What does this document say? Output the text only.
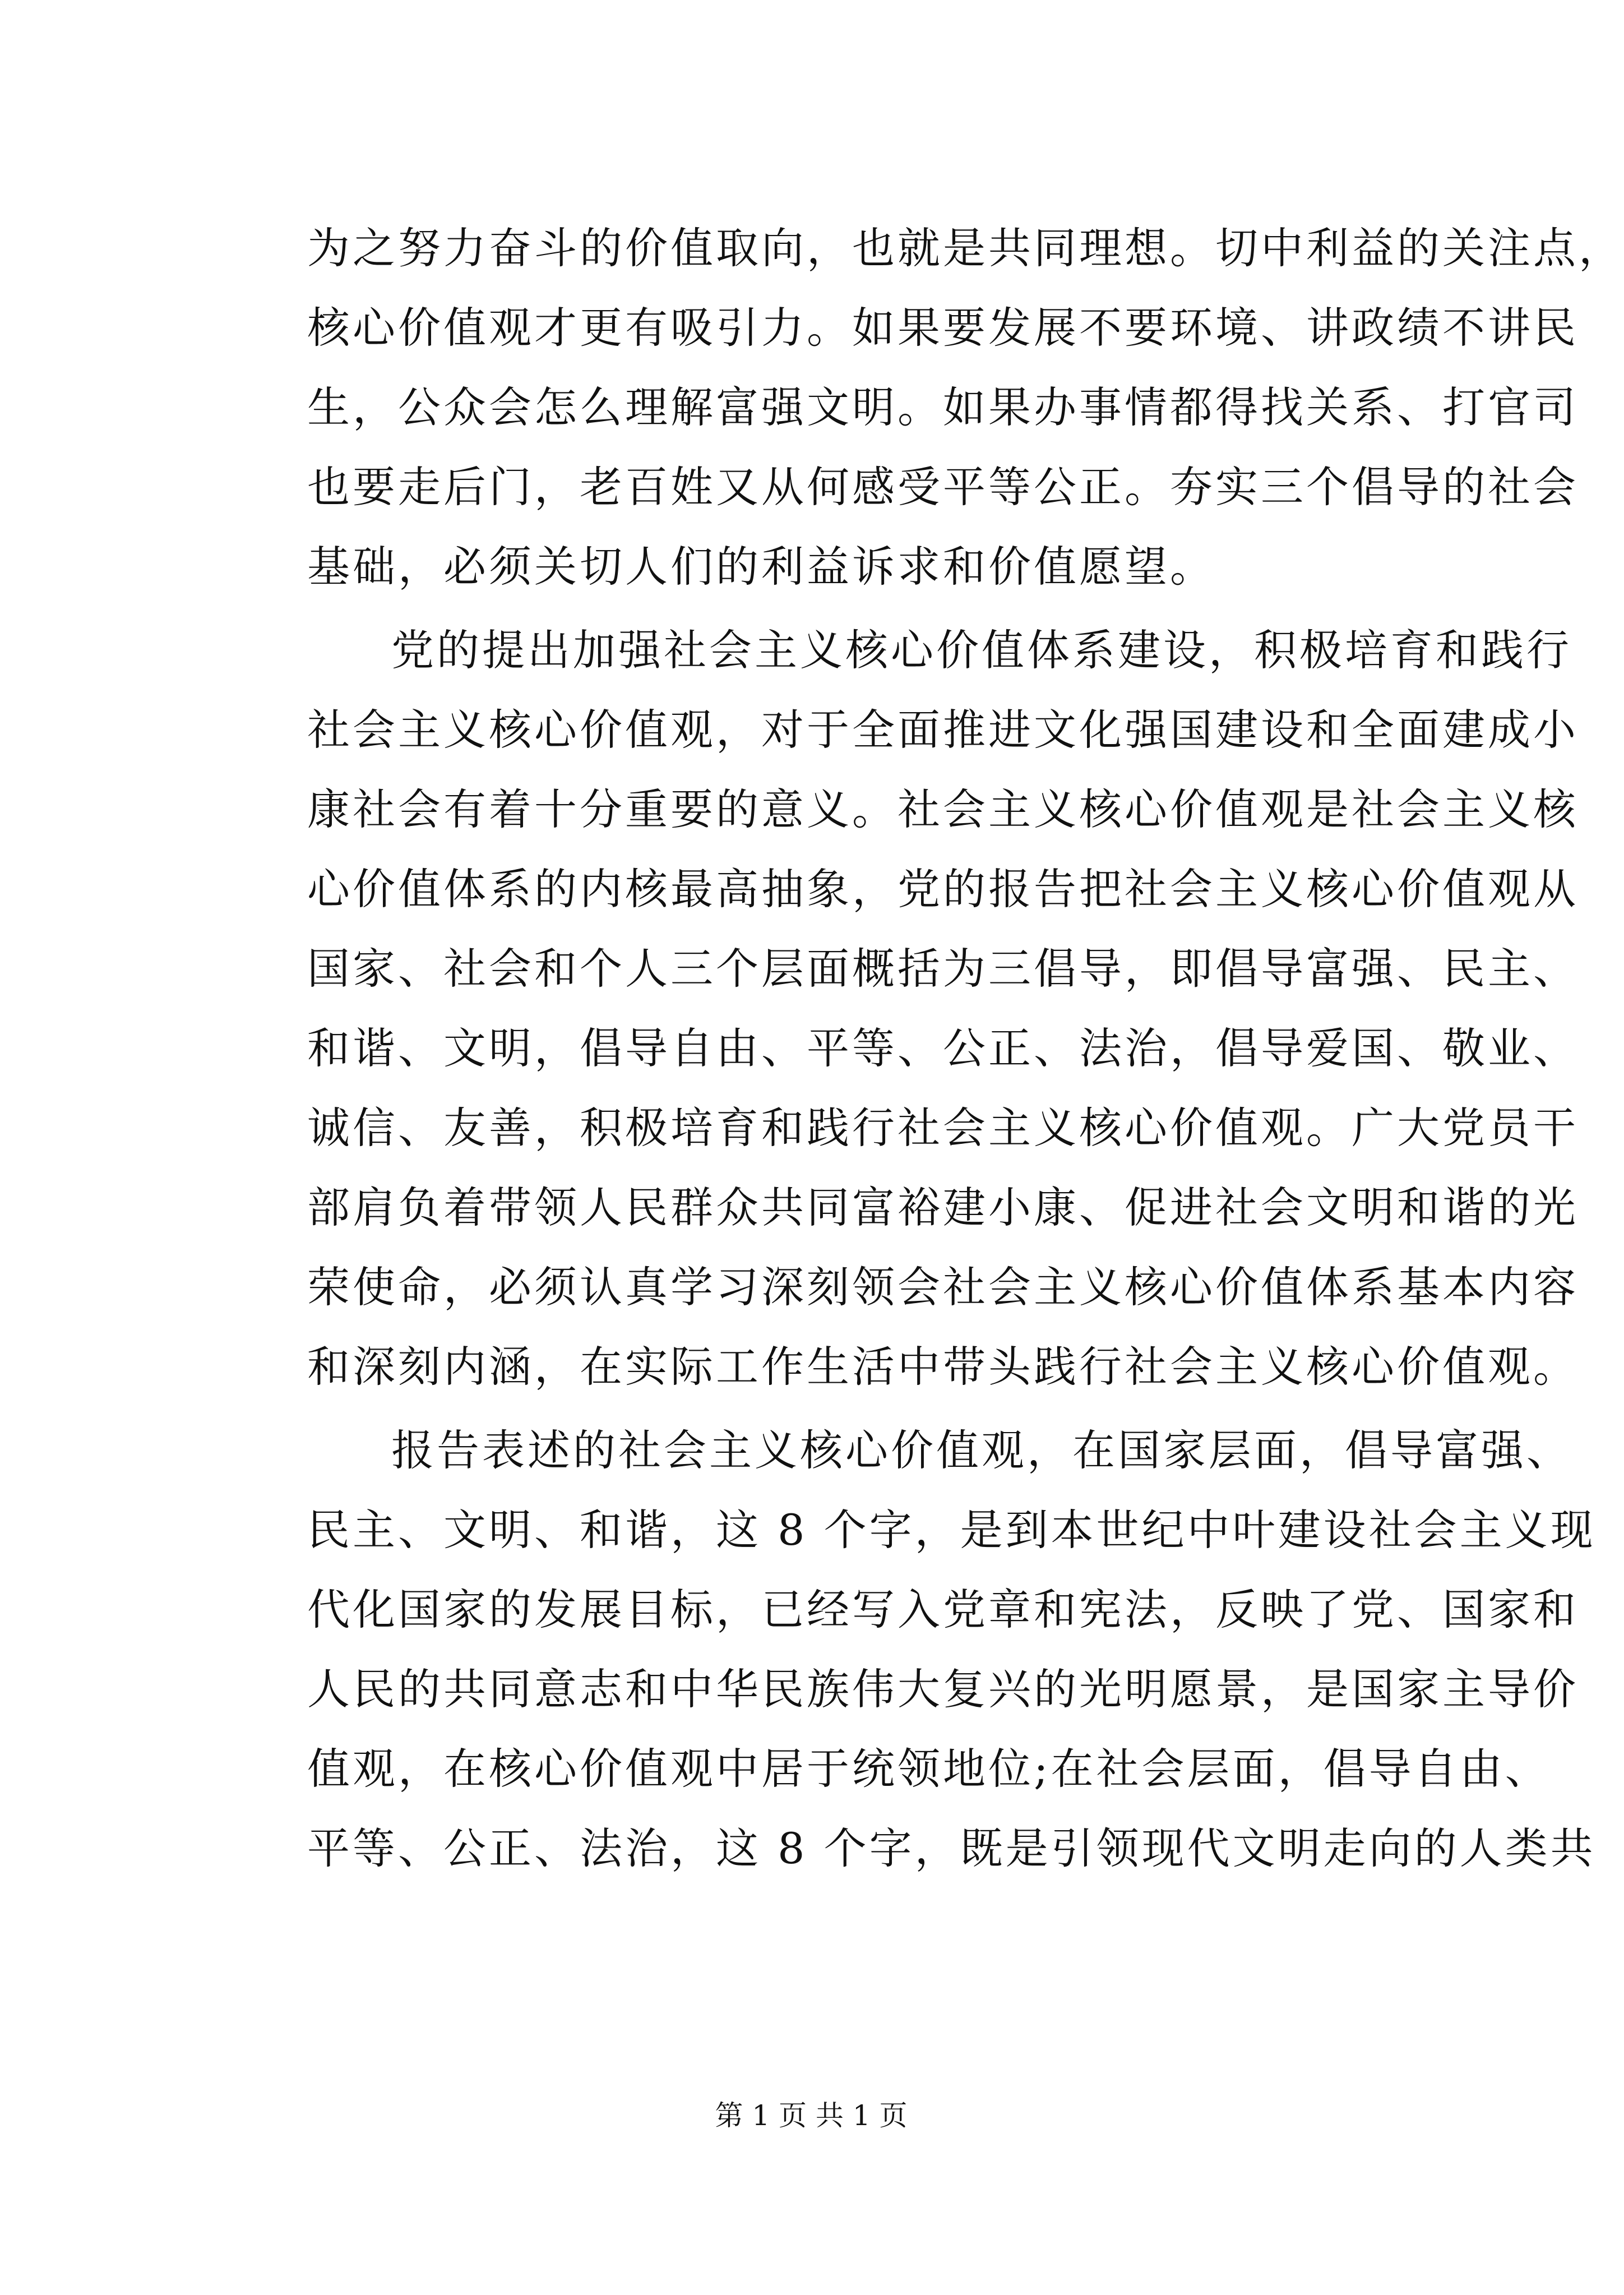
为之努力奋斗的价值取向，也就是共同理想。切中利益的关注点，
核心价值观才更有吸引力。如果要发展不要环境、讲政绩不讲民
生，公众会怎么理解富强文明。如果办事情都得找关系、打官司
也要走后门，老百姓又从何感受平等公正。夯实三个倡导的社会
基础，必须关切人们的利益诉求和价值愿望。
党的提出加强社会主义核心价值体系建设，积极培育和践行
社会主义核心价值观，对于全面推进文化强国建设和全面建成小
康社会有着十分重要的意义。社会主义核心价值观是社会主义核
心价值体系的内核最高抽象，党的报告把社会主义核心价值观从
国家、社会和个人三个层面概括为三倡导，即倡导富强、民主、
和谐、文明，倡导自由、平等、公正、法治，倡导爱国、敬业、
诚信、友善，积极培育和践行社会主义核心价值观。广大党员干
部肩负着带领人民群众共同富裕建小康、促进社会文明和谐的光
荣使命，必须认真学习深刻领会社会主义核心价值体系基本内容
和深刻内涵，在实际工作生活中带头践行社会主义核心价值观。
报告表述的社会主义核心价值观，在国家层面，倡导富强、
民主、文明、和谐，这 8 个字，是到本世纪中叶建设社会主义现
代化国家的发展目标，已经写入党章和宪法，反映了党、国家和
人民的共同意志和中华民族伟大复兴的光明愿景，是国家主导价
值观，在核心价值观中居于统领地位;在社会层面，倡导自由、
平等、公正、法治，这 8 个字，既是引领现代文明走向的人类共
第 1 页 共 1 页
